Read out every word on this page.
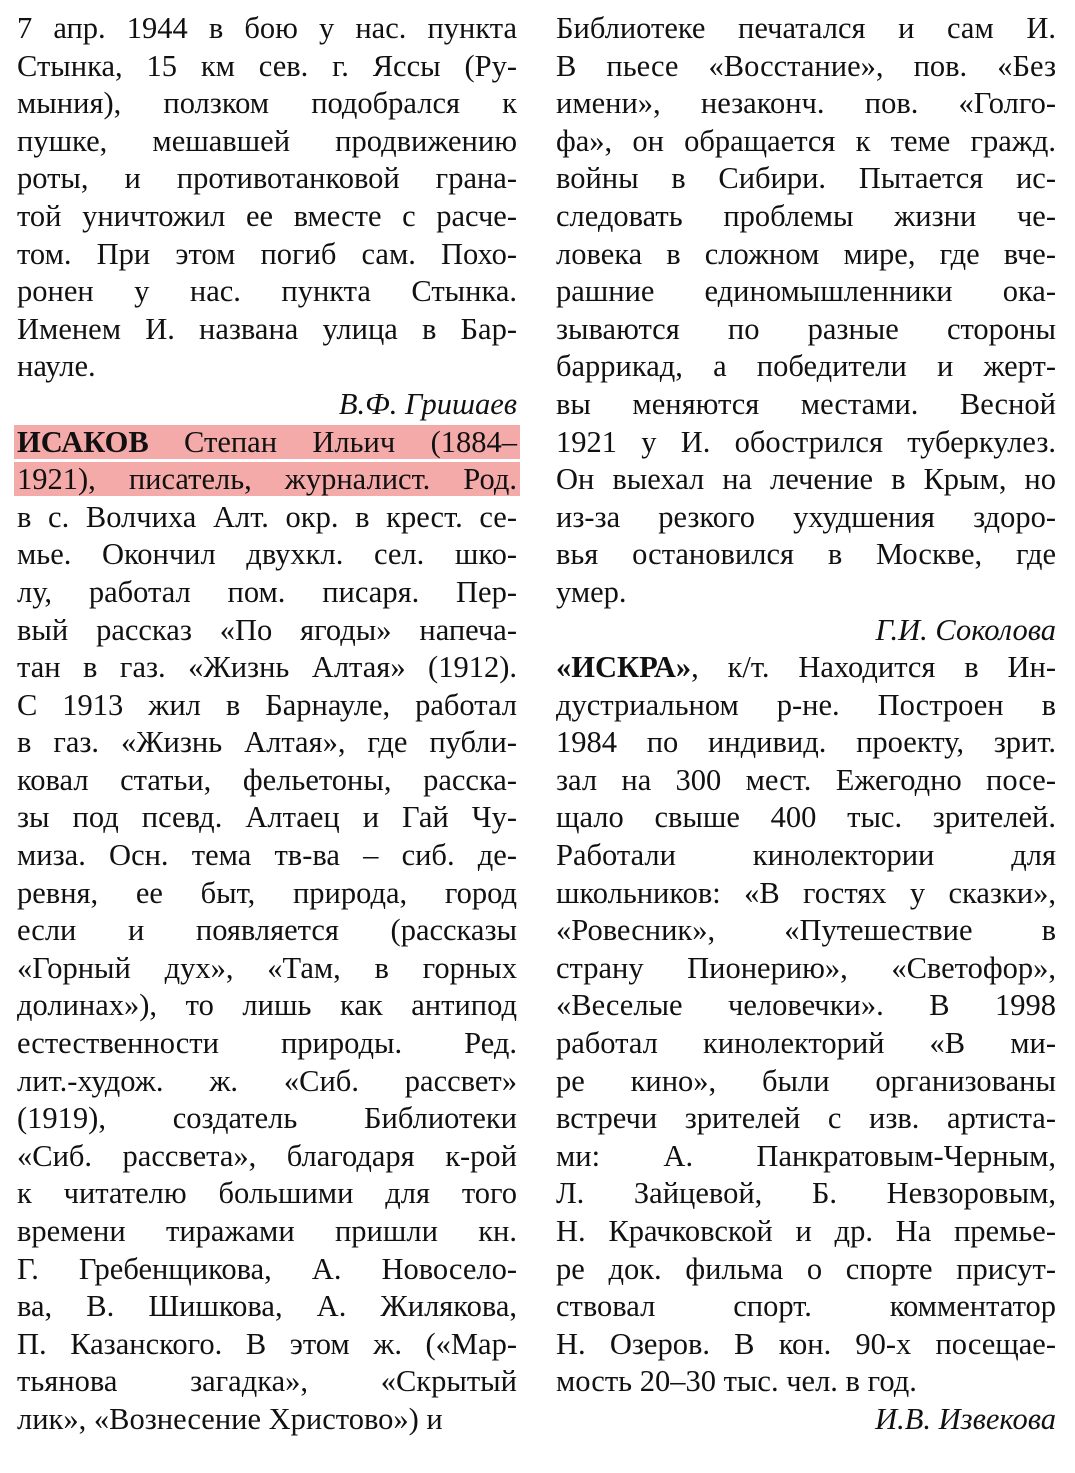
7 апр. 1944 в бою у нас. пункта
Стынка, 15 км сев. г. Яссы (Ру-
мыния), ползком подобрался к
пушке, мешавшей продвижению
роты, и противотанковой грана-
той уничтожил ее вместе с расче-
том. При этом погиб сам. Похо-
ронен у нас. пункта Стынка.
Именем И. названа улица в Бар-
науле.
В.Ф. Гришаев
ИСАКОВ Степан Ильич (1884–
1921), писатель, журналист. Род.
в с. Волчиха Алт. окр. в крест. се-
мье. Окончил двухкл. сел. шко-
лу, работал пом. писаря. Пер-
вый рассказ «По ягоды» напеча-
тан в газ. «Жизнь Алтая» (1912).
С 1913 жил в Барнауле, работал
в газ. «Жизнь Алтая», где публи-
ковал статьи, фельетоны, расска-
зы под псевд. Алтаец и Гай Чу-
миза. Осн. тема тв-ва – сиб. де-
ревня, ее быт, природа, город
если и появляется (рассказы
«Горный дух», «Там, в горных
долинах»), то лишь как антипод
естественности природы. Ред.
лит.-худож. ж. «Сиб. рассвет»
(1919), создатель Библиотеки
«Сиб. рассвета», благодаря к-рой
к читателю большими для того
времени тиражами пришли кн.
Г. Гребенщикова, А. Новосело-
ва, В. Шишкова, А. Жилякова,
П. Казанского. В этом ж. («Мар-
тьянова загадка», «Скрытый
лик», «Вознесение Христово») и
Библиотеке печатался и сам И.
В пьесе «Восстание», пов. «Без
имени», незаконч. пов. «Голго-
фа», он обращается к теме гражд.
войны в Сибири. Пытается ис-
следовать проблемы жизни че-
ловека в сложном мире, где вче-
рашние единомышленники ока-
зываются по разные стороны
баррикад, а победители и жерт-
вы меняются местами. Весной
1921 у И. обострился туберкулез.
Он выехал на лечение в Крым, но
из-за резкого ухудшения здоро-
вья остановился в Москве, где
умер.
Г.И. Соколова
«ИСКРА», к/т. Находится в Ин-
дустриальном р-не. Построен в
1984 по индивид. проекту, зрит.
зал на 300 мест. Ежегодно посе-
щало свыше 400 тыс. зрителей.
Работали кинолектории для
школьников: «В гостях у сказки»,
«Ровесник», «Путешествие в
страну Пионерию», «Светофор»,
«Веселые человечки». В 1998
работал кинолекторий «В ми-
ре кино», были организованы
встречи зрителей с изв. артиста-
ми: А. Панкратовым-Черным,
Л. Зайцевой, Б. Невзоровым,
Н. Крачковской и др. На премье-
ре док. фильма о спорте присут-
ствовал спорт. комментатор
Н. Озеров. В кон. 90-х посещае-
мость 20–30 тыс. чел. в год.
И.В. Извекова
